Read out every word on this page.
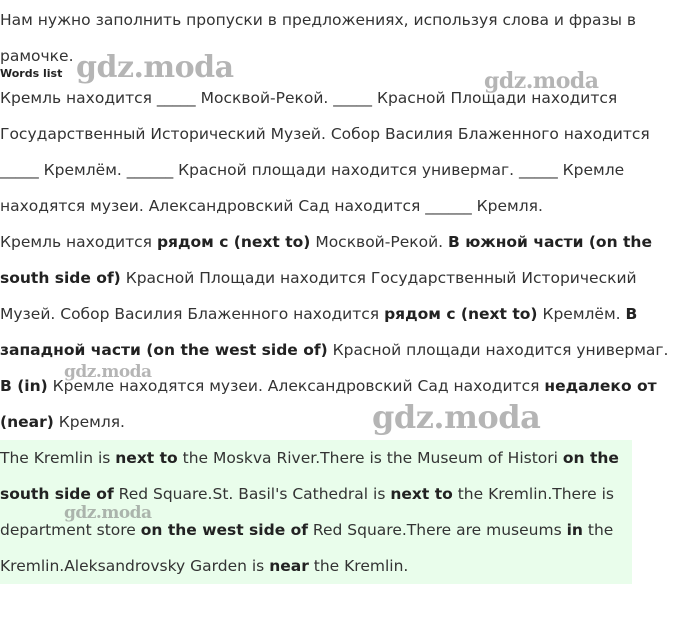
Нам нужно заполнить пропуски в предложениях, используя слова и фразы в рамочке.

Words list

Кремль находится _____ Москвой-Рекой. _____ Красной Площади находится Государственный Исторический Музей. Собор Василия Блаженного находится _____ Кремлём. ______ Красной площади находится универмаг. _____ Кремле находятся музеи. Александровский Сад находится ______ Кремля.

Кремль находится рядом с (next to) Москвой-Рекой. В южной части (on the south side of) Красной Площади находится Государственный Исторический Музей. Собор Василия Блаженного находится рядом с (next to) Кремлём. В западной части (on the west side of) Красной площади находится универмаг. В (in) Кремле находятся музеи. Александровский Сад находится недалеко от (near) Кремля.

The Kremlin is next to the Moskva River.There is the Museum of Histori on the south side of Red Square.St. Basil's Cathedral is next to the Kremlin.There is department store on the west side of Red Square.There are museums in the Kremlin.Aleksandrovsky Garden is near the Kremlin.

gdz.moda	gdz.moda
gdz.moda
gdz.moda
gdz.moda
